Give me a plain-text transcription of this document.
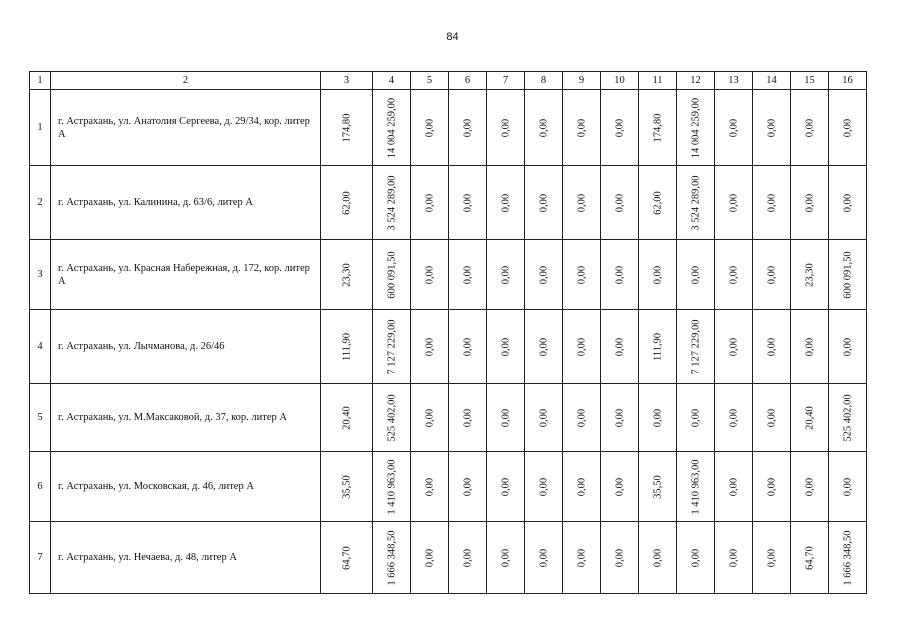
84
1	2	3	4	5	6	7	8	9	10	11	12	13	14	15	16
1	г. Астрахань, ул. Анатолия Сергеева, д. 29/34, кор. литер А	174,80	14 004 259,00	0,00	0,00	0,00	0,00	0,00	0,00	174,80	14 004 259,00	0,00	0,00	0,00	0,00

2	г. Астрахань, ул. Калинина, д. 63/6, литер А	62,00	3 524 289,00	0,00	0,00	0,00	0,00	0,00	0,00	62,00	3 524 289,00	0,00	0,00	0,00	0,00

3	г. Астрахань, ул. Красная Набережная, д. 172, кор. литер А	23,30	600 091,50	0,00	0,00	0,00	0,00	0,00	0,00	0,00	0,00	0,00	0,00	23,30	600 091,50

4	г. Астрахань, ул. Лычманова, д. 26/46	111,90	7 127 229,00	0,00	0,00	0,00	0,00	0,00	0,00	111,90	7 127 229,00	0,00	0,00	0,00	0,00

5	г. Астрахань, ул. М.Максаковой, д. 37, кор. литер А	20,40	525 402,00	0,00	0,00	0,00	0,00	0,00	0,00	0,00	0,00	0,00	0,00	20,40	525 402,00

6	г. Астрахань, ул. Московская, д. 46, литер А	35,50	1 410 963,00	0,00	0,00	0,00	0,00	0,00	0,00	35,50	1 410 963,00	0,00	0,00	0,00	0,00

7	г. Астрахань, ул. Нечаева, д. 48, литер А	64,70	1 666 348,50	0,00	0,00	0,00	0,00	0,00	0,00	0,00	0,00	0,00	0,00	64,70	1 666 348,50
